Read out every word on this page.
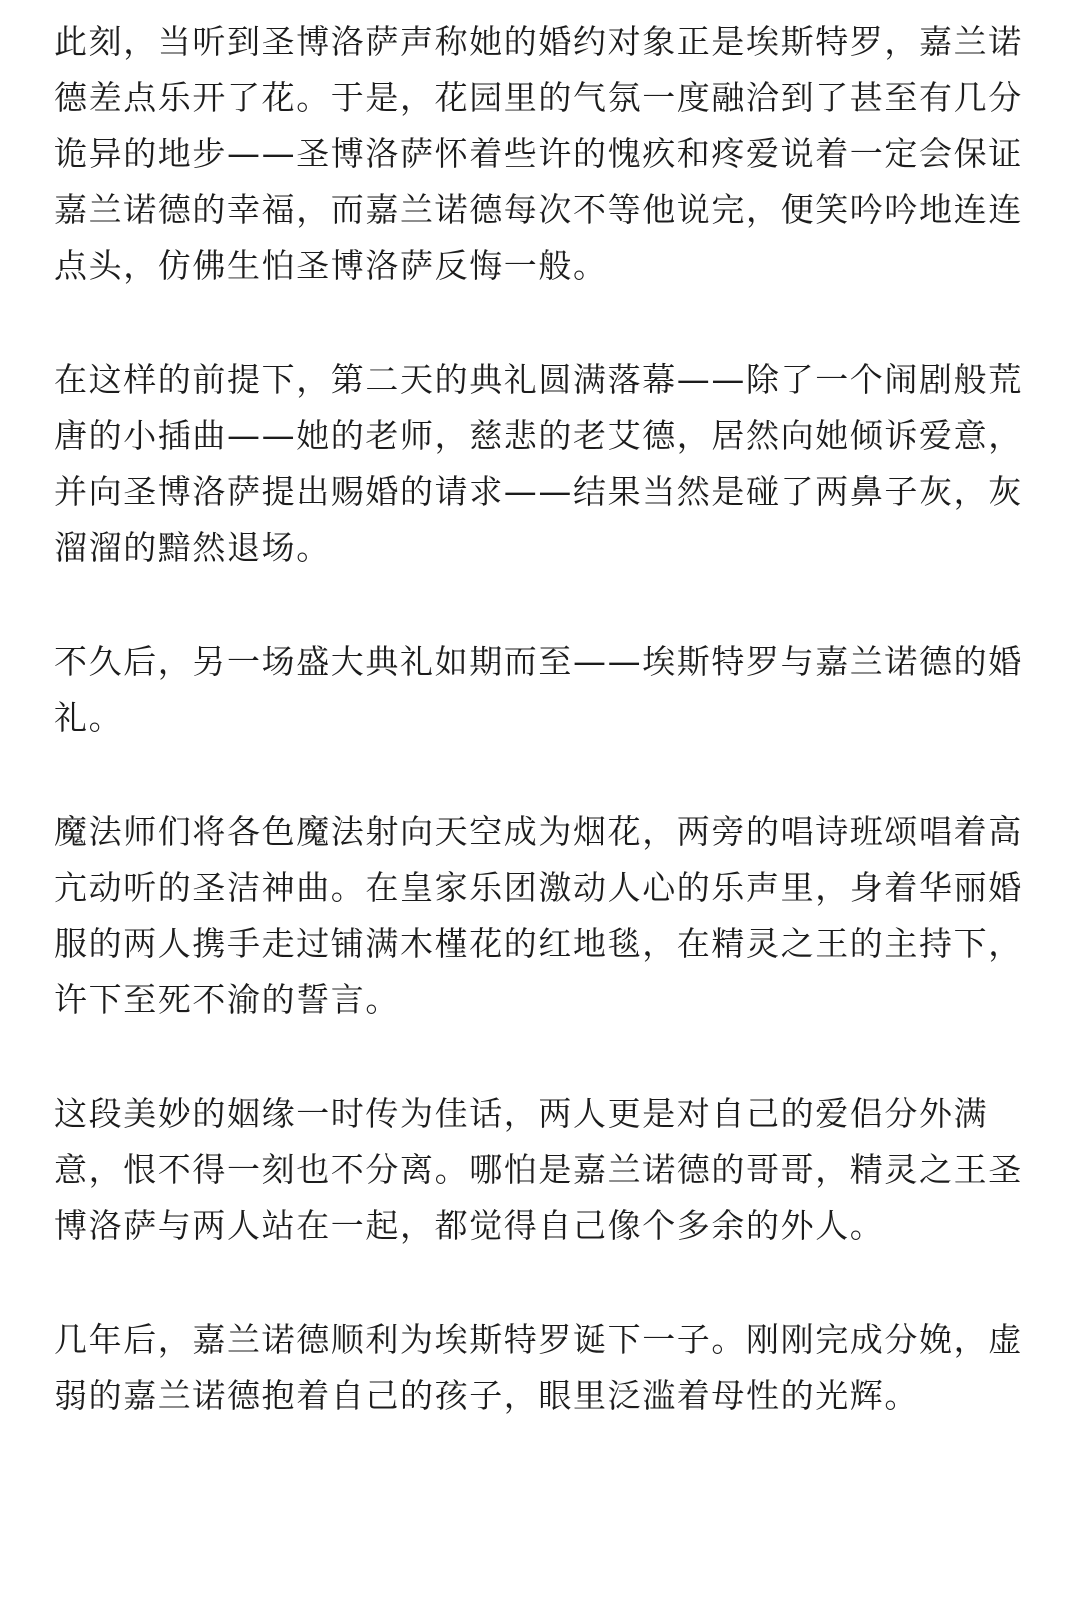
此刻，当听到圣博洛萨声称她的婚约对象正是埃斯特罗，嘉兰诺德差点乐开了花。于是，花园里的气氛一度融洽到了甚至有几分诡异的地步——圣博洛萨怀着些许的愧疚和疼爱说着一定会保证嘉兰诺德的幸福，而嘉兰诺德每次不等他说完，便笑吟吟地连连点头，仿佛生怕圣博洛萨反悔一般。

在这样的前提下，第二天的典礼圆满落幕——除了一个闹剧般荒唐的小插曲——她的老师，慈悲的老艾德，居然向她倾诉爱意，并向圣博洛萨提出赐婚的请求——结果当然是碰了两鼻子灰，灰溜溜的黯然退场。

不久后，另一场盛大典礼如期而至——埃斯特罗与嘉兰诺德的婚礼。

魔法师们将各色魔法射向天空成为烟花，两旁的唱诗班颂唱着高亢动听的圣洁神曲。在皇家乐团激动人心的乐声里，身着华丽婚服的两人携手走过铺满木槿花的红地毯，在精灵之王的主持下，许下至死不渝的誓言。

这段美妙的姻缘一时传为佳话，两人更是对自己的爱侣分外满意，恨不得一刻也不分离。哪怕是嘉兰诺德的哥哥，精灵之王圣博洛萨与两人站在一起，都觉得自己像个多余的外人。

几年后，嘉兰诺德顺利为埃斯特罗诞下一子。刚刚完成分娩，虚弱的嘉兰诺德抱着自己的孩子，眼里泛滥着母性的光辉。
